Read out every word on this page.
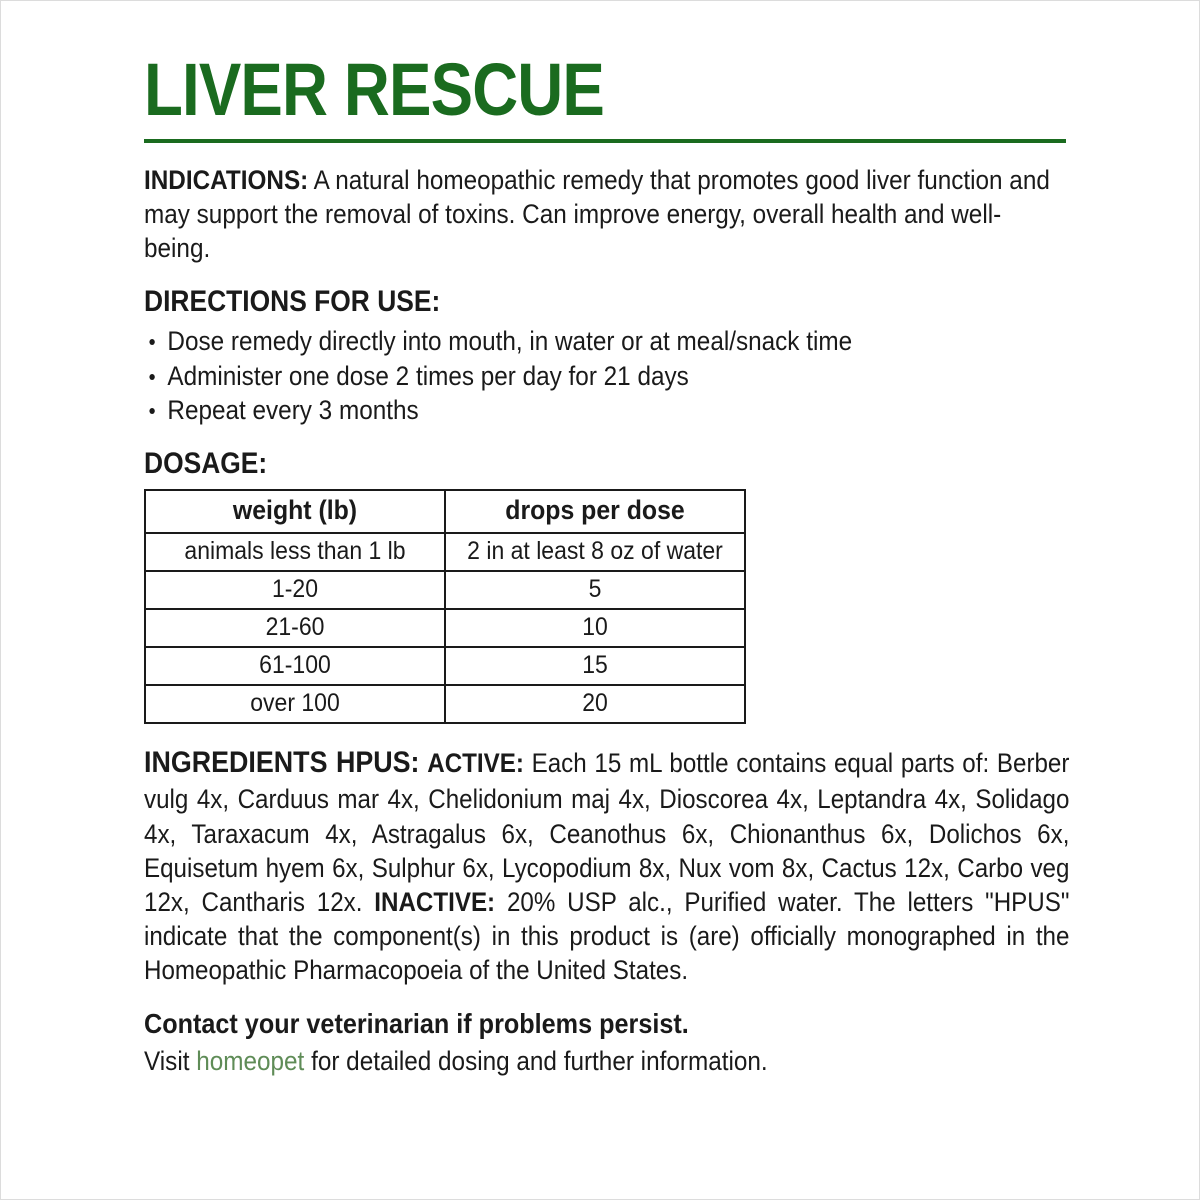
LIVER RESCUE

INDICATIONS: A natural homeopathic remedy that promotes good liver function and may support the removal of toxins. Can improve energy, overall health and well-being.

DIRECTIONS FOR USE:
Dose remedy directly into mouth, in water or at meal/snack time
Administer one dose 2 times per day for 21 days
Repeat every 3 months
DOSAGE:
weight (lb)	drops per dose

animals less than 1 lb	2 in at least 8 oz of water

1-20	5

21-60	10

61-100	15

over 100	20

INGREDIENTS HPUS: ACTIVE: Each 15 mL bottle contains equal parts of: Berber vulg 4x, Carduus mar 4x, Chelidonium maj 4x, Dioscorea 4x, Leptandra 4x, Solidago 4x, Taraxacum 4x, Astragalus 6x, Ceanothus 6x, Chionanthus 6x, Dolichos 6x, Equisetum hyem 6x, Sulphur 6x, Lycopodium 8x, Nux vom 8x, Cactus 12x, Carbo veg 12x, Cantharis 12x. INACTIVE: 20% USP alc., Purified water. The letters "HPUS" indicate that the component(s) in this product is (are) officially monographed in the Homeopathic Pharmacopoeia of the United States.

Contact your veterinarian if problems persist.

Visit homeopet for detailed dosing and further information.
